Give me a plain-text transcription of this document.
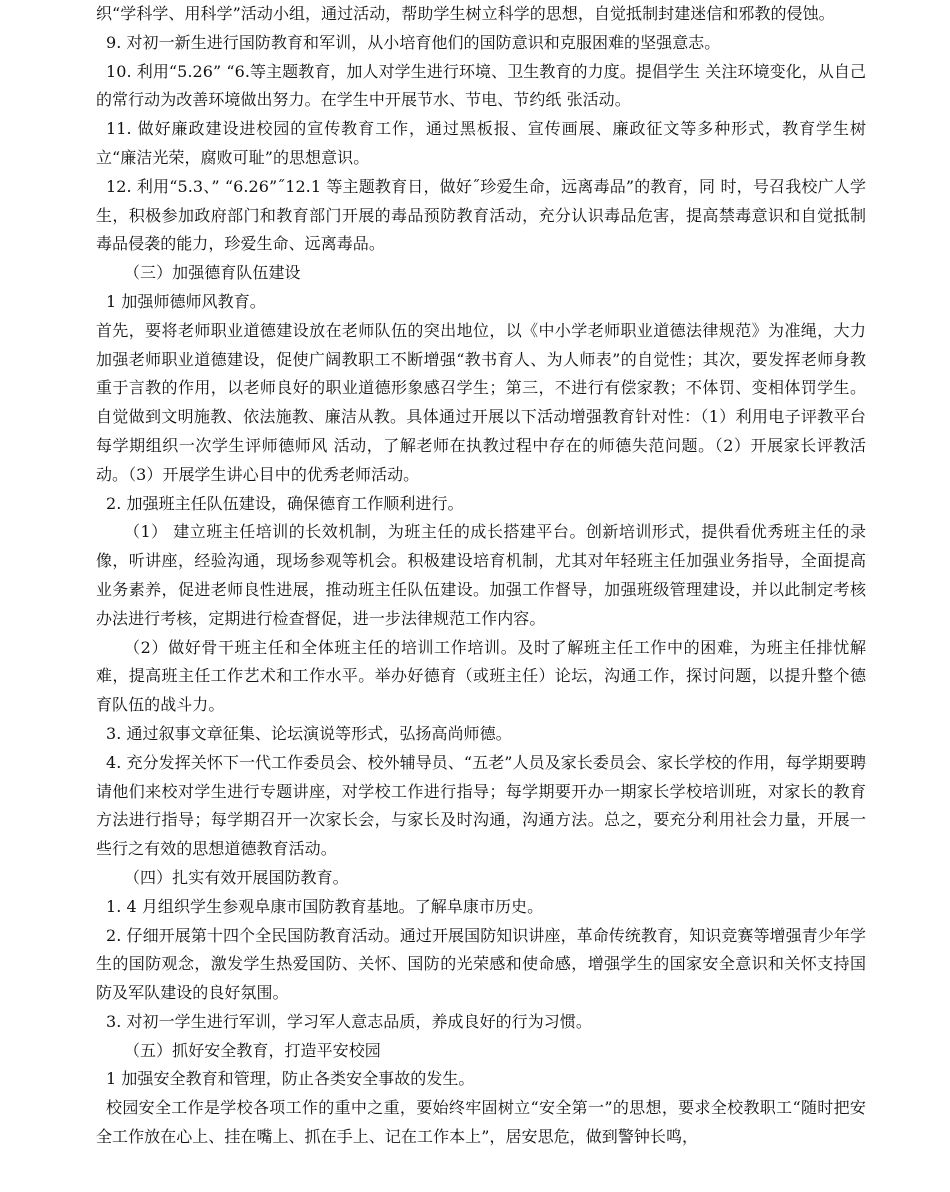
织“学科学、用科学”活动小组，通过活动，帮助学生树立科学的思想，自觉抵制封建迷信和邪教的侵蚀。

9. 对初一新生进行国防教育和军训，从小培育他们的国防意识和克服困难的坚强意志。

10. 利用“5.26” “6.等主题教育，加人对学生进行环境、卫生教育的力度。提倡学生 关注环境变化，从自己的常行动为改善环境做出努力。在学生中开展节水、节电、节约纸 张活动。

11. 做好廉政建设进校园的宣传教育工作，通过黑板报、宣传画展、廉政征文等多种形式，教育学生树立“廉洁光荣，腐败可耻”的思想意识。

12. 利用“5.3、” “6.26”˝12.1 等主题教育日，做好˝珍爱生命，远离毒品”的教育，同 时，号召我校广人学生，积极参加政府部门和教育部门开展的毒品预防教育活动，充分认识毒品危害，提高禁毒意识和自觉抵制毒品侵袭的能力，珍爱生命、远离毒品。

（三）加强德育队伍建设

1 加强师德师风教育。

首先，要将老师职业道德建设放在老师队伍的突出地位，以《中小学老师职业道德法律规范》为准绳，大力加强老师职业道德建设，促使广阔教职工不断增强“教书育人、为人师表”的自觉性；其次，要发挥老师身教重于言教的作用，以老师良好的职业道德形象感召学生；第三，不进行有偿家教；不体罚、变相体罚学生。自觉做到文明施教、依法施教、廉洁从教。具体通过开展以下活动增强教育针对性：（1）利用电子评教平台每学期组织一次学生评师德师风 活动，了解老师在执教过程中存在的师德失范问题。（2）开展家长评教活动。（3）开展学生讲心目中的优秀老师活动。

2. 加强班主任队伍建设，确保德育工作顺利进行。

（1） 建立班主任培训的长效机制，为班主任的成长搭建平台。创新培训形式，提供看优秀班主任的录像，听讲座，经验沟通，现场参观等机会。积极建设培育机制，尤其对年轻班主任加强业务指导，全面提高业务素养，促进老师良性进展，推动班主任队伍建设。加强工作督导，加强班级管理建设，并以此制定考核办法进行考核，定期进行检查督促，进一步法律规范工作内容。

（2）做好骨干班主任和全体班主任的培训工作培训。及时了解班主任工作中的困难，为班主任排忧解难，提高班主任工作艺术和工作水平。举办好德育（或班主任）论坛，沟通工作，探讨问题，以提升整个德育队伍的战斗力。

3. 通过叙事文章征集、论坛演说等形式，弘扬高尚师德。

4. 充分发挥关怀下一代工作委员会、校外辅导员、“五老”人员及家长委员会、家长学校的作用，每学期要聘请他们来校对学生进行专题讲座，对学校工作进行指导；每学期要开办一期家长学校培训班，对家长的教育方法进行指导；每学期召开一次家长会，与家长及时沟通，沟通方法。总之，要充分利用社会力量，开展一些行之有效的思想道德教育活动。

（四）扎实有效开展国防教育。

1. 4 月组织学生参观阜康市国防教育基地。了解阜康市历史。

2. 仔细开展第十四个全民国防教育活动。通过开展国防知识讲座，革命传统教育，知识竞赛等增强青少年学生的国防观念，激发学生热爱国防、关怀、国防的光荣感和使命感，增强学生的国家安全意识和关怀支持国防及军队建设的良好氛围。

3. 对初一学生进行军训，学习军人意志品质，养成良好的行为习惯。

（五）抓好安全教育，打造平安校园

1 加强安全教育和管理，防止各类安全事故的发生。

校园安全工作是学校各项工作的重中之重，要始终牢固树立“安全第一”的思想，要求全校教职工“随时把安全工作放在心上、挂在嘴上、抓在手上、记在工作本上”，居安思危，做到警钟长鸣，
